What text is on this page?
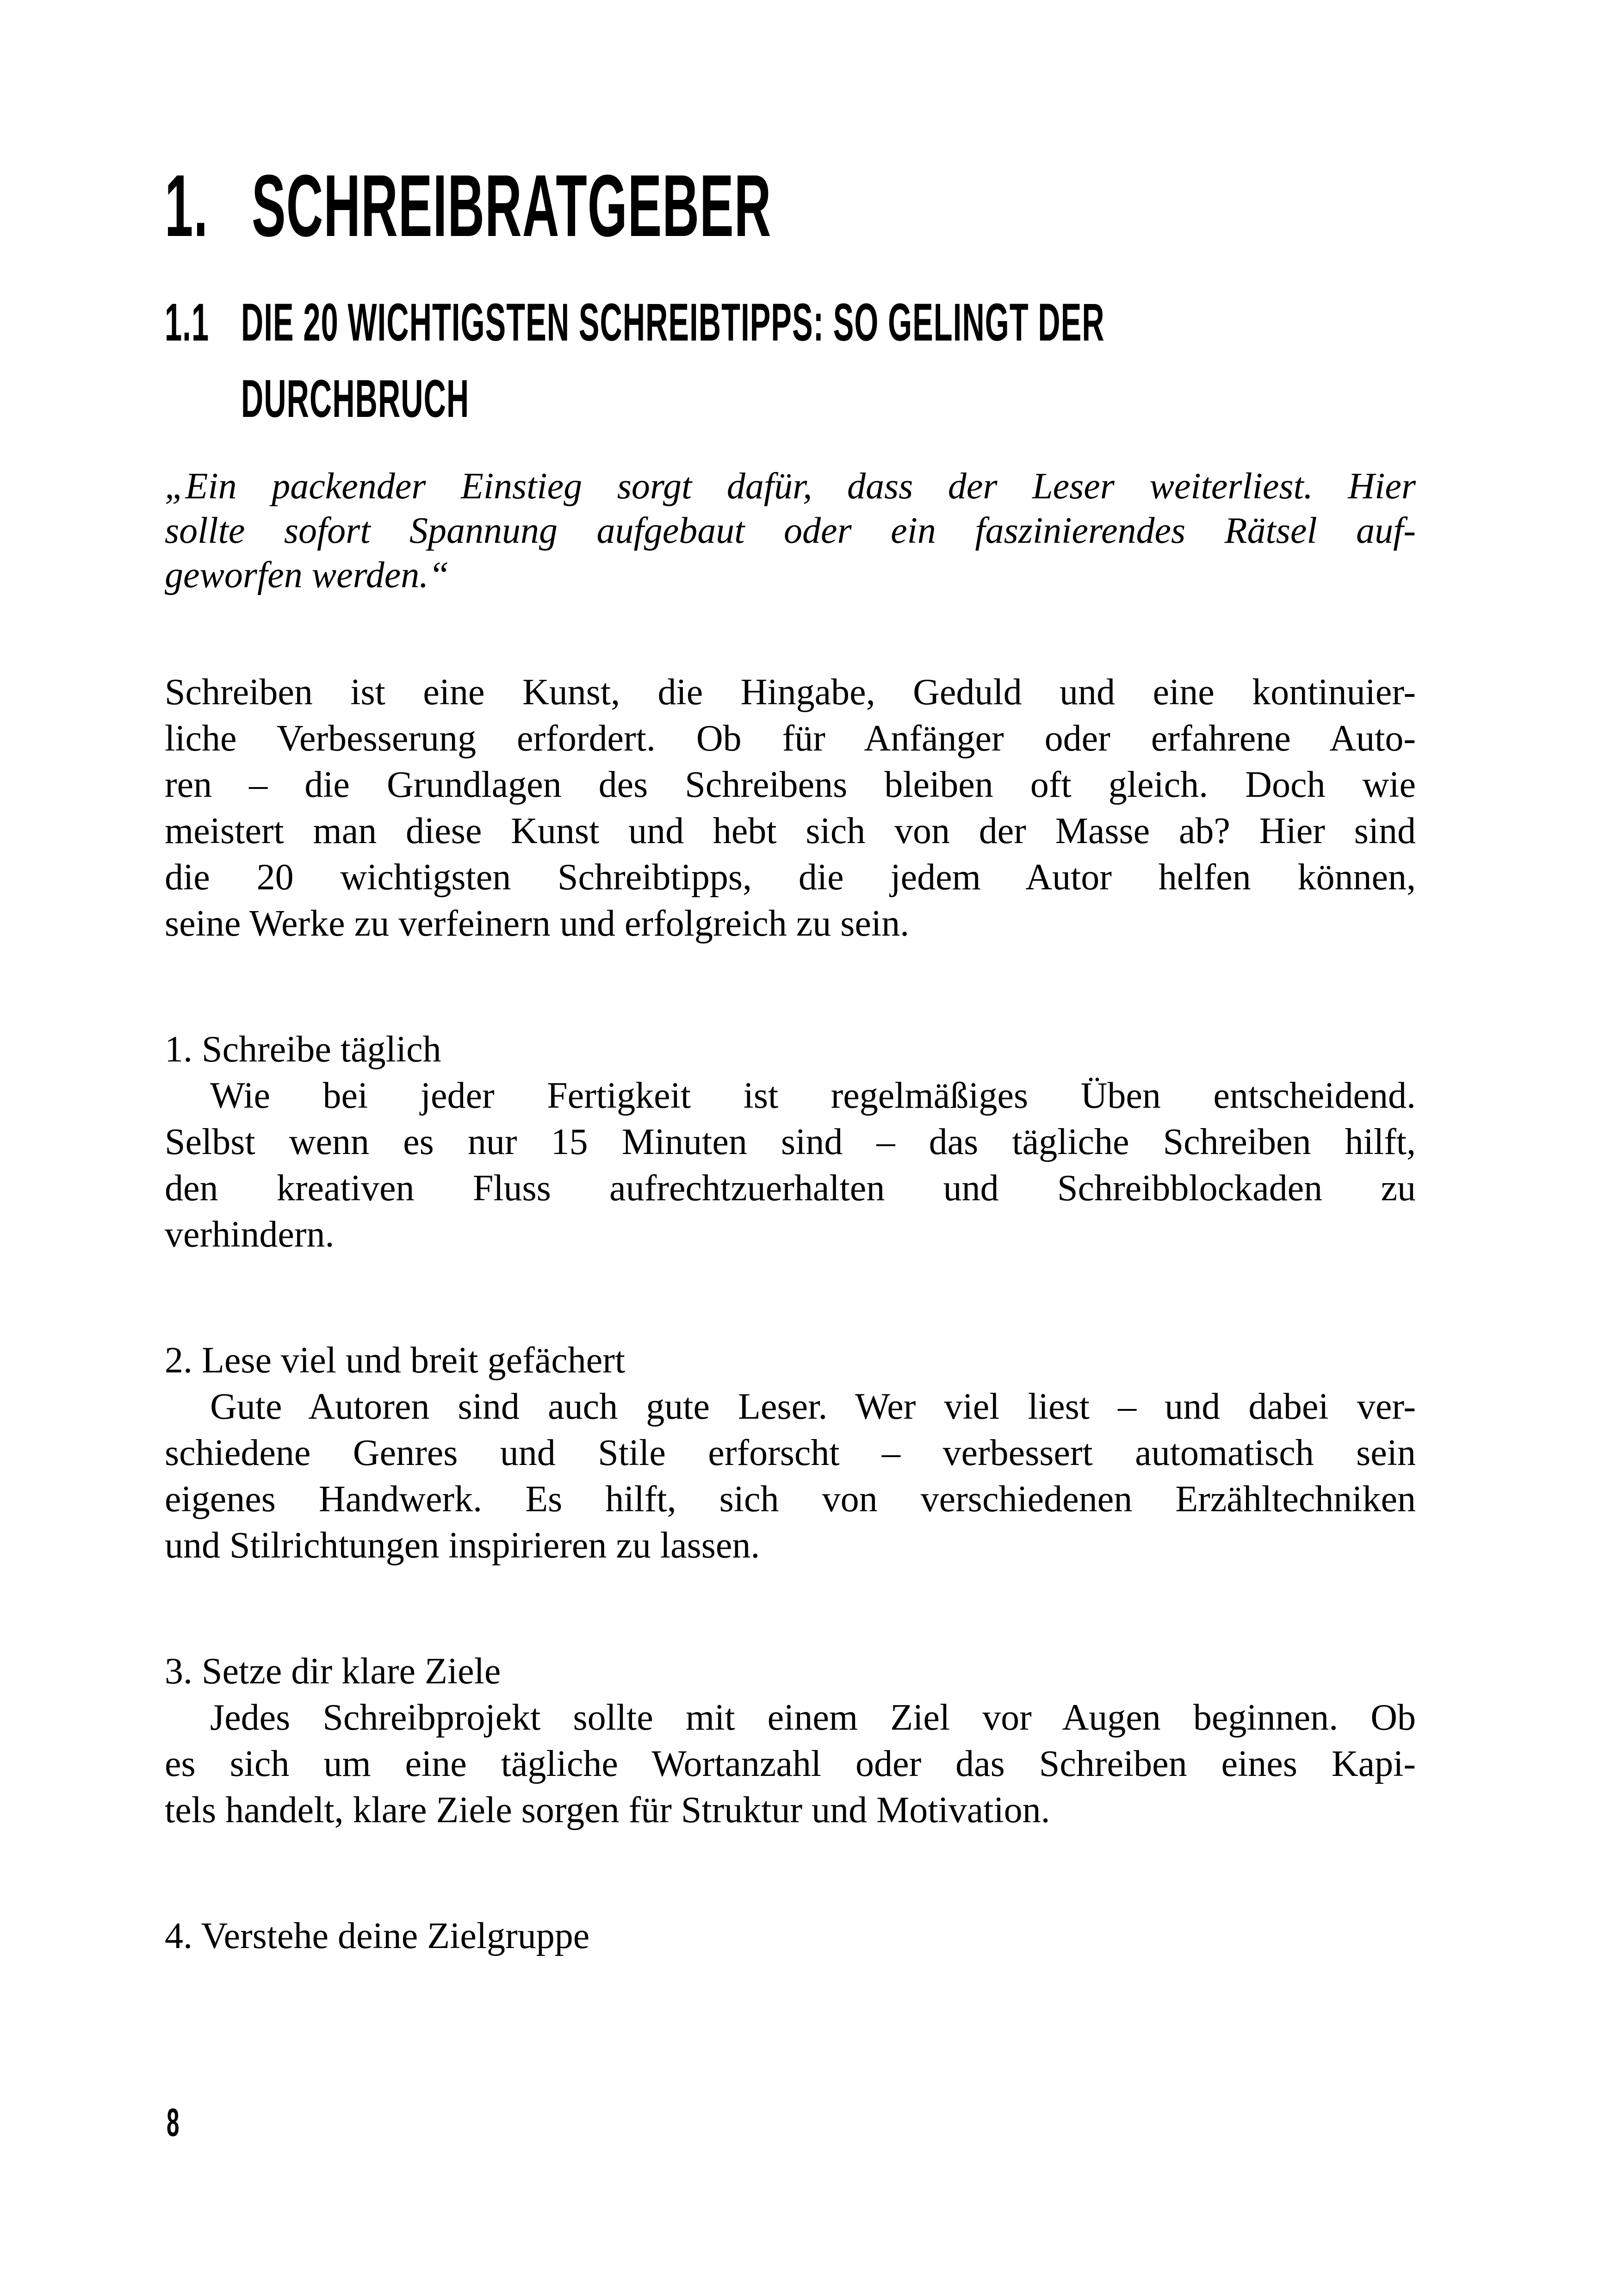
1. SCHREIBRATGEBER
1.1 DIE 20 WICHTIGSTEN SCHREIBTIPPS: SO GELINGT DER
DURCHBRUCH
„Ein packender Einstieg sorgt dafür, dass der Leser weiterliest. Hier
sollte sofort Spannung aufgebaut oder ein faszinierendes Rätsel auf-
geworfen werden.“
Schreiben ist eine Kunst, die Hingabe, Geduld und eine kontinuier-
liche Verbesserung erfordert. Ob für Anfänger oder erfahrene Auto-
ren – die Grundlagen des Schreibens bleiben oft gleich. Doch wie
meistert man diese Kunst und hebt sich von der Masse ab? Hier sind
die 20 wichtigsten Schreibtipps, die jedem Autor helfen können,
seine Werke zu verfeinern und erfolgreich zu sein.
1. Schreibe täglich
Wie bei jeder Fertigkeit ist regelmäßiges Üben entscheidend.
Selbst wenn es nur 15 Minuten sind – das tägliche Schreiben hilft,
den kreativen Fluss aufrechtzuerhalten und Schreibblockaden zu
verhindern.
2. Lese viel und breit gefächert
Gute Autoren sind auch gute Leser. Wer viel liest – und dabei ver-
schiedene Genres und Stile erforscht – verbessert automatisch sein
eigenes Handwerk. Es hilft, sich von verschiedenen Erzähltechniken
und Stilrichtungen inspirieren zu lassen.
3. Setze dir klare Ziele
Jedes Schreibprojekt sollte mit einem Ziel vor Augen beginnen. Ob
es sich um eine tägliche Wortanzahl oder das Schreiben eines Kapi-
tels handelt, klare Ziele sorgen für Struktur und Motivation.
4. Verstehe deine Zielgruppe
8
